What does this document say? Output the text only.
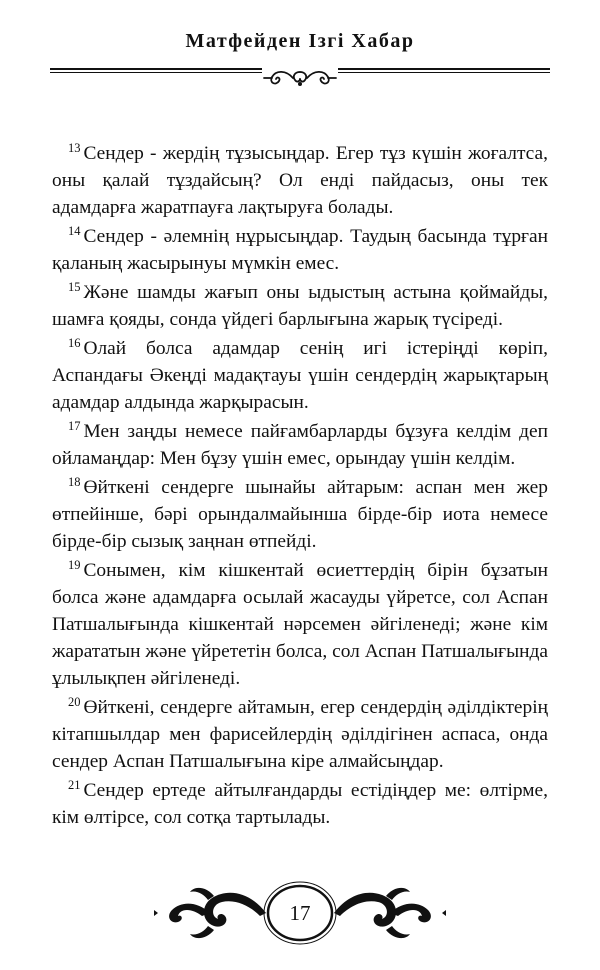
Матфейден Ізгі Хабар

$^{13}$ Сендер - жердің тұзысыңдар. Егер тұз күшін жоғалтса, оны қалай тұздайсың? Ол енді пайдасыз, оны тек адамдарға жаратпауға лақтыруға болады.

$^{14}$ Сендер - әлемнің нұрысыңдар. Таудың басында тұрған қаланың жасырынуы мүмкін емес.

$^{15}$ Және шамды жағып оны ыдыстың астына қоймайды, шамға қояды, сонда үйдегі барлығына жарық түсіреді.

$^{16}$ Олай болса адамдар сенің игі істеріңді көріп, Аспандағы Әкеңді мадақтауы үшін сендердің жарықтарың адамдар алдында жарқырасын.

$^{17}$ Мен заңды немесе пайғамбарларды бұзуға келдім деп ойламаңдар: Мен бұзу үшін емес, орындау үшін келдім.

$^{18}$ Өйткені сендерге шынайы айтарым: аспан мен жер өтпейінше, бәрі орындалмайынша бірде-бір иота немесе бірде-бір сызық заңнан өтпейді.

$^{19}$ Сонымен, кім кішкентай өсиеттердің бірін бұзатын болса және адамдарға осылай жасауды үйретсе, сол Аспан Патшалығында кішкентай нәрсемен әйгіленеді; және кім жарататын және үйрететін болса, сол Аспан Патшалығында ұлылықпен әйгіленеді.

$^{20}$ Өйткені, сендерге айтамын, егер сендердің әділдіктерің кітапшылдар мен фарисейлердің әділдігінен аспаса, онда сендер Аспан Патшалығына кіре алмайсыңдар.

$^{21}$ Сендер ертеде айтылғандарды естідіңдер ме: өлтірме, кім өлтірсе, сол сотқа тартылады.

17
